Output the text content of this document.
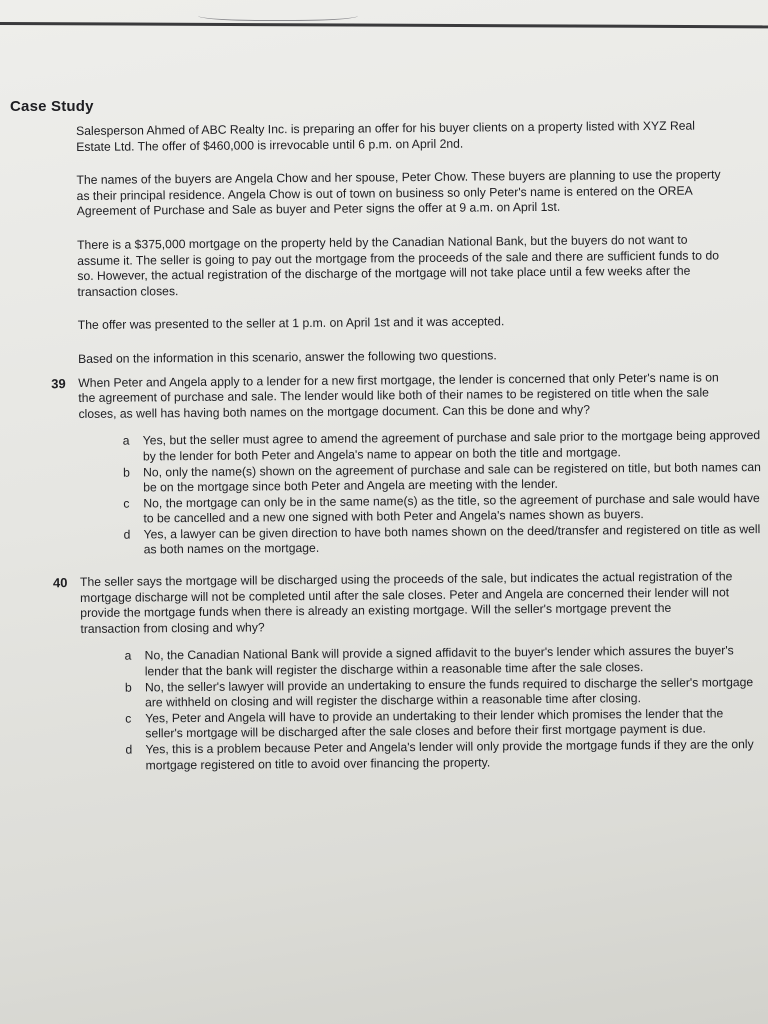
Case Study

Salesperson Ahmed of ABC Realty Inc. is preparing an offer for his buyer clients on a property listed with XYZ Real Estate Ltd. The offer of $460,000 is irrevocable until 6 p.m. on April 2nd.

The names of the buyers are Angela Chow and her spouse, Peter Chow. These buyers are planning to use the property as their principal residence. Angela Chow is out of town on business so only Peter's name is entered on the OREA Agreement of Purchase and Sale as buyer and Peter signs the offer at 9 a.m. on April 1st.

There is a $375,000 mortgage on the property held by the Canadian National Bank, but the buyers do not want to assume it. The seller is going to pay out the mortgage from the proceeds of the sale and there are sufficient funds to do so. However, the actual registration of the discharge of the mortgage will not take place until a few weeks after the transaction closes.

The offer was presented to the seller at 1 p.m. on April 1st and it was accepted.

Based on the information in this scenario, answer the following two questions.

39 When Peter and Angela apply to a lender for a new first mortgage, the lender is concerned that only Peter's name is on the agreement of purchase and sale. The lender would like both of their names to be registered on title when the sale closes, as well has having both names on the mortgage document. Can this be done and why?

a Yes, but the seller must agree to amend the agreement of purchase and sale prior to the mortgage being approved by the lender for both Peter and Angela's name to appear on both the title and mortgage.
b No, only the name(s) shown on the agreement of purchase and sale can be registered on title, but both names can be on the mortgage since both Peter and Angela are meeting with the lender.
c No, the mortgage can only be in the same name(s) as the title, so the agreement of purchase and sale would have to be cancelled and a new one signed with both Peter and Angela's names shown as buyers.
d Yes, a lawyer can be given direction to have both names shown on the deed/transfer and registered on title as well as both names on the mortgage.
40 The seller says the mortgage will be discharged using the proceeds of the sale, but indicates the actual registration of the mortgage discharge will not be completed until after the sale closes. Peter and Angela are concerned their lender will not provide the mortgage funds when there is already an existing mortgage. Will the seller's mortgage prevent the transaction from closing and why?

a No, the Canadian National Bank will provide a signed affidavit to the buyer's lender which assures the buyer's lender that the bank will register the discharge within a reasonable time after the sale closes.
b No, the seller's lawyer will provide an undertaking to ensure the funds required to discharge the seller's mortgage are withheld on closing and will register the discharge within a reasonable time after closing.
c Yes, Peter and Angela will have to provide an undertaking to their lender which promises the lender that the seller's mortgage will be discharged after the sale closes and before their first mortgage payment is due.
d Yes, this is a problem because Peter and Angela's lender will only provide the mortgage funds if they are the only mortgage registered on title to avoid over financing the property.
